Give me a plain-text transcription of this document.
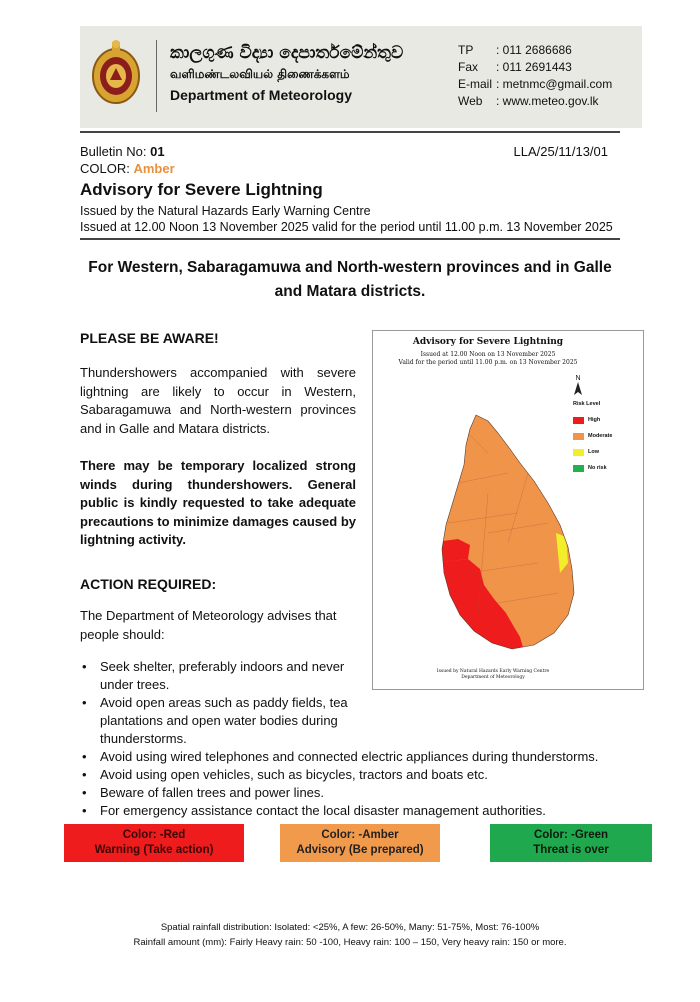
කාලගුණ විද්‍යා දෙපාර්තමේන්තුව
வளிமண்டலவியல் திணைக்களம்
Department of Meteorology
TP	: 011 2686686
Fax	: 011 2691443
E-mail : metnmc@gmail.com
Web	: www.meteo.gov.lk
Bulletin No: 01
COLOR: Amber
LLA/25/11/13/01
Advisory for Severe Lightning
Issued by the Natural Hazards Early Warning Centre
Issued at 12.00 Noon 13 November 2025 valid for the period until 11.00 p.m. 13 November 2025
For Western, Sabaragamuwa and North-western provinces and in Galle and Matara districts.
PLEASE BE AWARE!
Thundershowers accompanied with severe lightning are likely to occur in Western, Sabaragamuwa and North-western provinces and in Galle and Matara districts.
There may be temporary localized strong winds during thundershowers. General public is kindly requested to take adequate precautions to minimize damages caused by lightning activity.
ACTION REQUIRED:
The Department of Meteorology advises that people should:
• Seek shelter, preferably indoors and never under trees.
• Avoid open areas such as paddy fields, tea plantations and open water bodies during thunderstorms.
• Avoid using wired telephones and connected electric appliances during thunderstorms.
• Avoid using open vehicles, such as bicycles, tractors and boats etc.
• Beware of fallen trees and power lines.
• For emergency assistance contact the local disaster management authorities.
Advisory for Severe Lightning
Issued at 12.00 Noon on 13 November 2025
Valid for the period until 11.00 p.m. on 13 November 2025
N
Risk Level
High
Moderate
Low
No risk
Issued by Natural Hazards Early Warning Centre
Department of Meteorology
Color: -Red
Warning (Take action)
Color: -Amber
Advisory (Be prepared)
Color: -Green
Threat is over
Spatial rainfall distribution: Isolated: <25%, A few: 26-50%, Many: 51-75%, Most: 76-100%
Rainfall amount (mm): Fairly Heavy rain: 50 -100, Heavy rain: 100 – 150, Very heavy rain: 150 or more.
